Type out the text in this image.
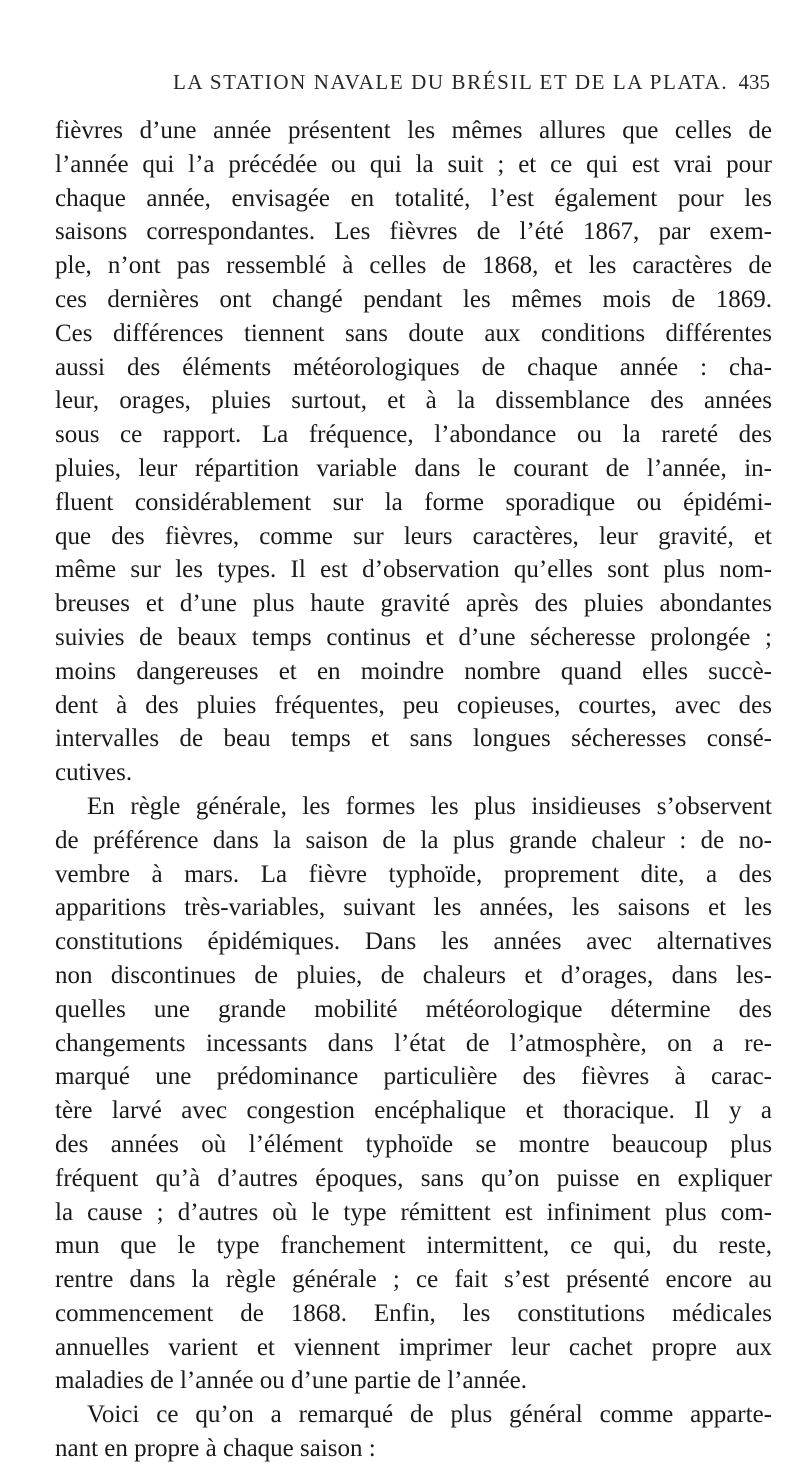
LA STATION NAVALE DU BRÉSIL ET DE LA PLATA. 435
fièvres d’une année présentent les mêmes allures que celles de
l’année qui l’a précédée ou qui la suit ; et ce qui est vrai pour
chaque année, envisagée en totalité, l’est également pour les
saisons correspondantes. Les fièvres de l’été 1867, par exem-
ple, n’ont pas ressemblé à celles de 1868, et les caractères de
ces dernières ont changé pendant les mêmes mois de 1869.
Ces différences tiennent sans doute aux conditions différentes
aussi des éléments météorologiques de chaque année : cha-
leur, orages, pluies surtout, et à la dissemblance des années
sous ce rapport. La fréquence, l’abondance ou la rareté des
pluies, leur répartition variable dans le courant de l’année, in-
fluent considérablement sur la forme sporadique ou épidémi-
que des fièvres, comme sur leurs caractères, leur gravité, et
même sur les types. Il est d’observation qu’elles sont plus nom-
breuses et d’une plus haute gravité après des pluies abondantes
suivies de beaux temps continus et d’une sécheresse prolongée ;
moins dangereuses et en moindre nombre quand elles succè-
dent à des pluies fréquentes, peu copieuses, courtes, avec des
intervalles de beau temps et sans longues sécheresses consé-
cutives.
En règle générale, les formes les plus insidieuses s’observent
de préférence dans la saison de la plus grande chaleur : de no-
vembre à mars. La fièvre typhoïde, proprement dite, a des
apparitions très-variables, suivant les années, les saisons et les
constitutions épidémiques. Dans les années avec alternatives
non discontinues de pluies, de chaleurs et d’orages, dans les-
quelles une grande mobilité météorologique détermine des
changements incessants dans l’état de l’atmosphère, on a re-
marqué une prédominance particulière des fièvres à carac-
tère larvé avec congestion encéphalique et thoracique. Il y a
des années où l’élément typhoïde se montre beaucoup plus
fréquent qu’à d’autres époques, sans qu’on puisse en expliquer
la cause ; d’autres où le type rémittent est infiniment plus com-
mun que le type franchement intermittent, ce qui, du reste,
rentre dans la règle générale ; ce fait s’est présenté encore au
commencement de 1868. Enfin, les constitutions médicales
annuelles varient et viennent imprimer leur cachet propre aux
maladies de l’année ou d’une partie de l’année.
Voici ce qu’on a remarqué de plus général comme apparte-
nant en propre à chaque saison :
